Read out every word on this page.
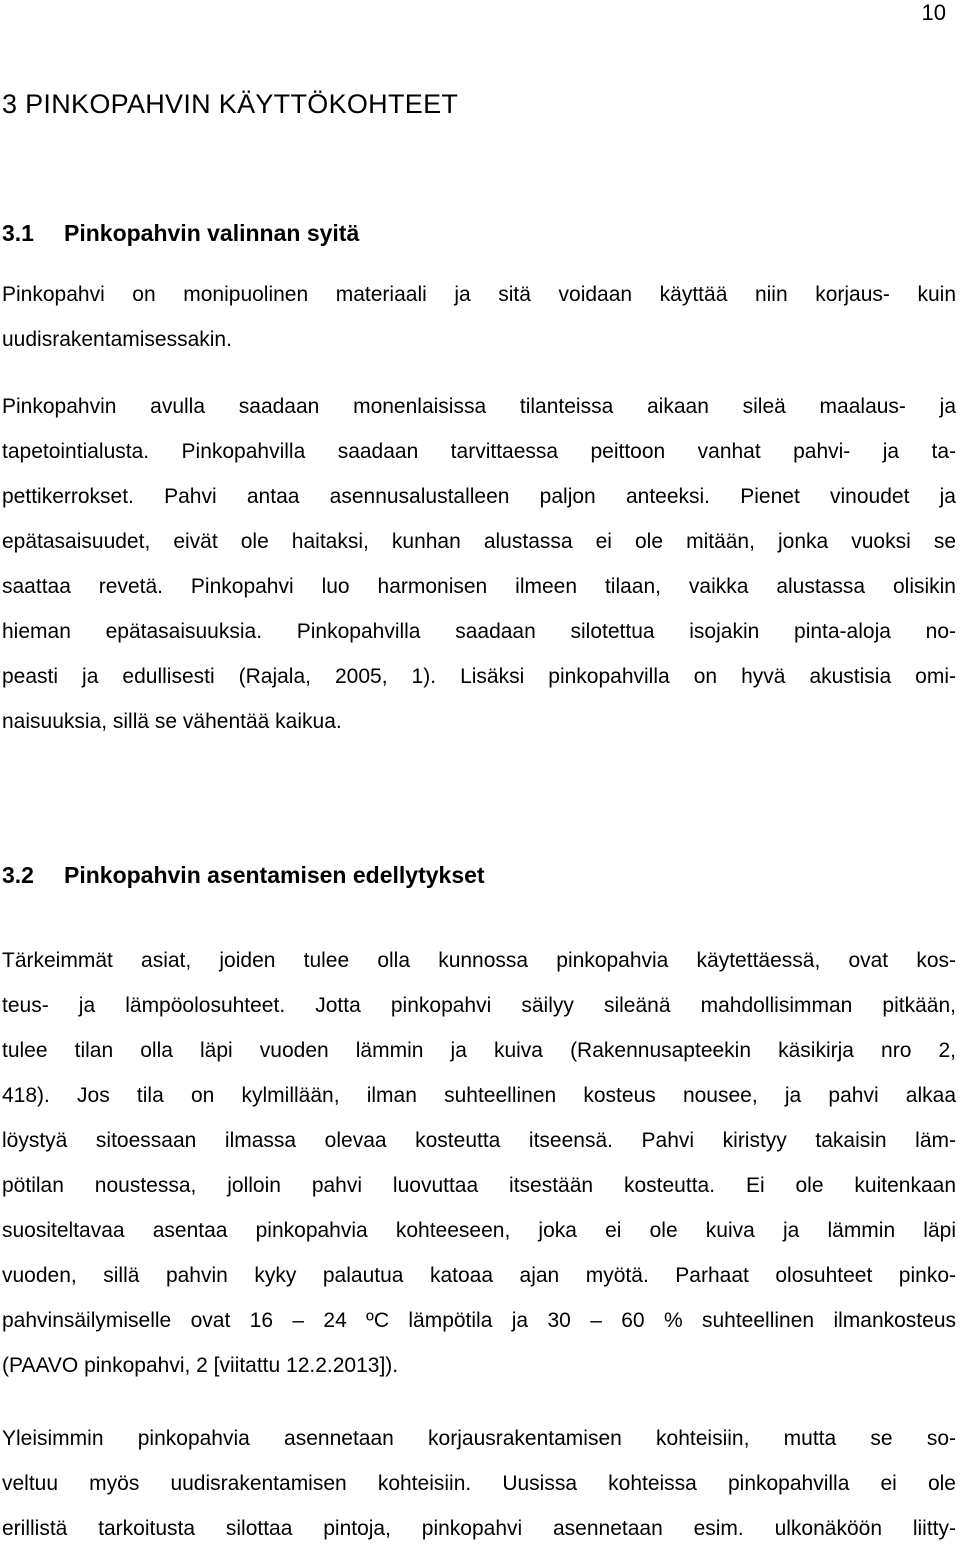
10
3 PINKOPAHVIN KÄYTTÖKOHTEET
3.1 Pinkopahvin valinnan syitä
Pinkopahvi on monipuolinen materiaali ja sitä voidaan käyttää niin korjaus- kuin
uudisrakentamisessakin.
Pinkopahvin avulla saadaan monenlaisissa tilanteissa aikaan sileä maalaus- ja
tapetointialusta. Pinkopahvilla saadaan tarvittaessa peittoon vanhat pahvi- ja ta-
pettikerrokset. Pahvi antaa asennusalustalleen paljon anteeksi. Pienet vinoudet ja
epätasaisuudet, eivät ole haitaksi, kunhan alustassa ei ole mitään, jonka vuoksi se
saattaa revetä. Pinkopahvi luo harmonisen ilmeen tilaan, vaikka alustassa olisikin
hieman epätasaisuuksia. Pinkopahvilla saadaan silotettua isojakin pinta-aloja no-
peasti ja edullisesti (Rajala, 2005, 1). Lisäksi pinkopahvilla on hyvä akustisia omi-
naisuuksia, sillä se vähentää kaikua.
3.2 Pinkopahvin asentamisen edellytykset
Tärkeimmät asiat, joiden tulee olla kunnossa pinkopahvia käytettäessä, ovat kos-
teus- ja lämpöolosuhteet. Jotta pinkopahvi säilyy sileänä mahdollisimman pitkään,
tulee tilan olla läpi vuoden lämmin ja kuiva (Rakennusapteekin käsikirja nro 2,
418). Jos tila on kylmillään, ilman suhteellinen kosteus nousee, ja pahvi alkaa
löystyä sitoessaan ilmassa olevaa kosteutta itseensä. Pahvi kiristyy takaisin läm-
pötilan noustessa, jolloin pahvi luovuttaa itsestään kosteutta. Ei ole kuitenkaan
suositeltavaa asentaa pinkopahvia kohteeseen, joka ei ole kuiva ja lämmin läpi
vuoden, sillä pahvin kyky palautua katoaa ajan myötä. Parhaat olosuhteet pinko-
pahvinsäilymiselle ovat 16 – 24 ºC lämpötila ja 30 – 60 % suhteellinen ilmankosteus
(PAAVO pinkopahvi, 2 [viitattu 12.2.2013]).
Yleisimmin pinkopahvia asennetaan korjausrakentamisen kohteisiin, mutta se so-
veltuu myös uudisrakentamisen kohteisiin. Uusissa kohteissa pinkopahvilla ei ole
erillistä tarkoitusta silottaa pintoja, pinkopahvi asennetaan esim. ulkonäköön liitty-
